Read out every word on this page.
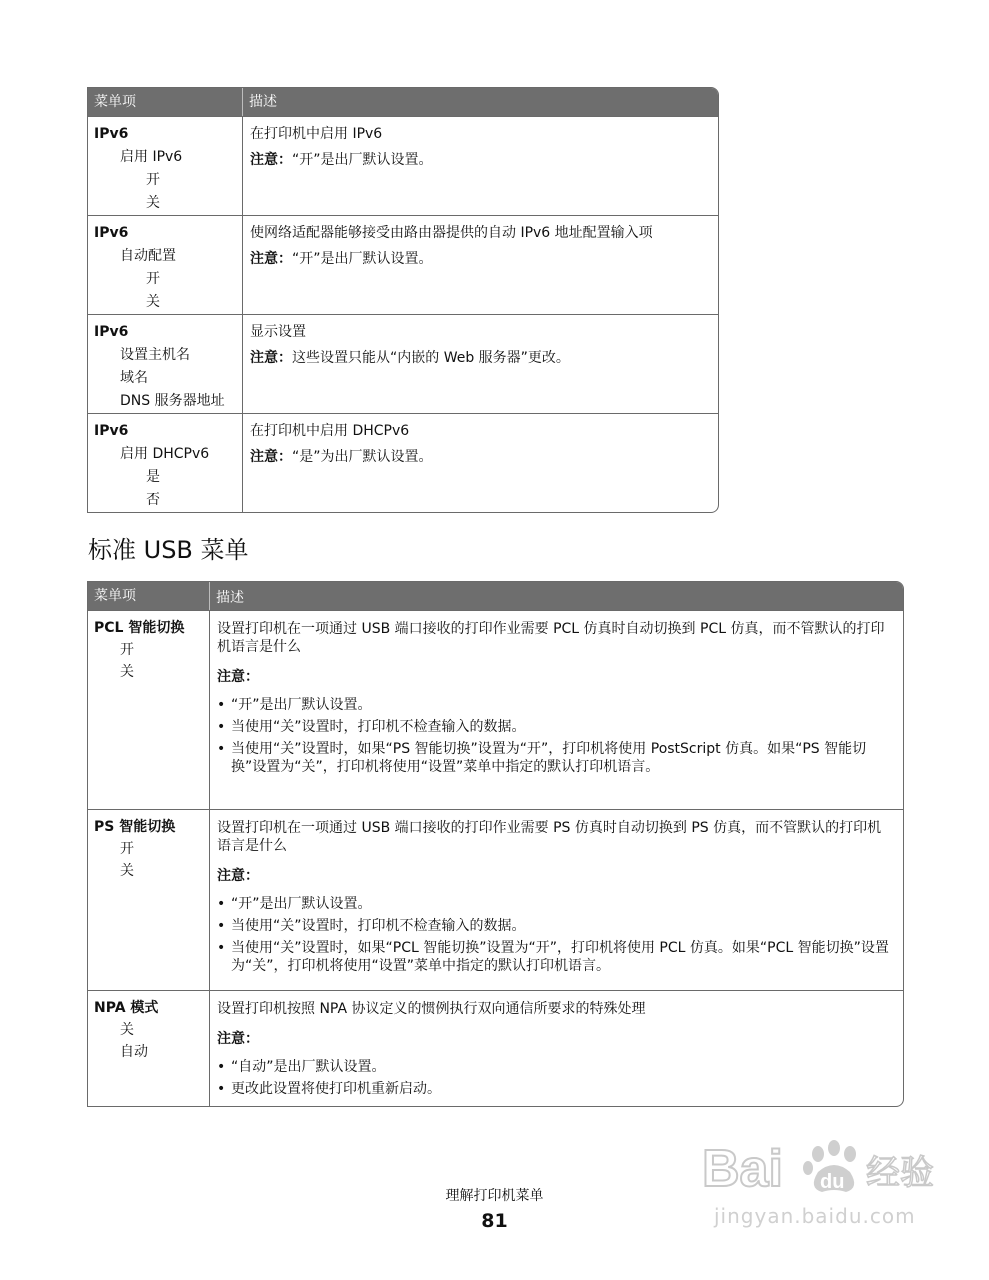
菜单项	描述
IPv6
启用 IPv6
开
关

在打印机中启用 IPv6

注意：“开”是出厂默认设置。

IPv6
自动配置
开
关

使网络适配器能够接受由路由器提供的自动 IPv6 地址配置输入项

注意：“开”是出厂默认设置。

IPv6
设置主机名
域名
DNS 服务器地址

显示设置

注意：这些设置只能从“内嵌的 Web 服务器”更改。

IPv6
启用 DHCPv6
是
否

在打印机中启用 DHCPv6

注意：“是”为出厂默认设置。

标准 USB 菜单
菜单项	描述
PCL 智能切换
开
关

设置打印机在一项通过 USB 端口接收的打印作业需要 PCL 仿真时自动切换到 PCL 仿真，而不管默认的打印机语言是什么

注意：

• “开”是出厂默认设置。
• 当使用“关”设置时，打印机不检查输入的数据。
• 当使用“关”设置时，如果“PS 智能切换”设置为“开”，打印机将使用 PostScript 仿真。如果“PS 智能切换”设置为“关”，打印机将使用“设置”菜单中指定的默认打印机语言。
PS 智能切换
开
关

设置打印机在一项通过 USB 端口接收的打印作业需要 PS 仿真时自动切换到 PS 仿真，而不管默认的打印机语言是什么

注意：

• “开”是出厂默认设置。
• 当使用“关”设置时，打印机不检查输入的数据。
• 当使用“关”设置时，如果“PCL 智能切换”设置为“开”，打印机将使用 PCL 仿真。如果“PCL 智能切换”设置为“关”，打印机将使用“设置”菜单中指定的默认打印机语言。
NPA 模式
关
自动

设置打印机按照 NPA 协议定义的惯例执行双向通信所要求的特殊处理

注意：

• “自动”是出厂默认设置。
• 更改此设置将使打印机重新启动。
理解打印机菜单
81
Bai du 经验
jingyan.baidu.com
